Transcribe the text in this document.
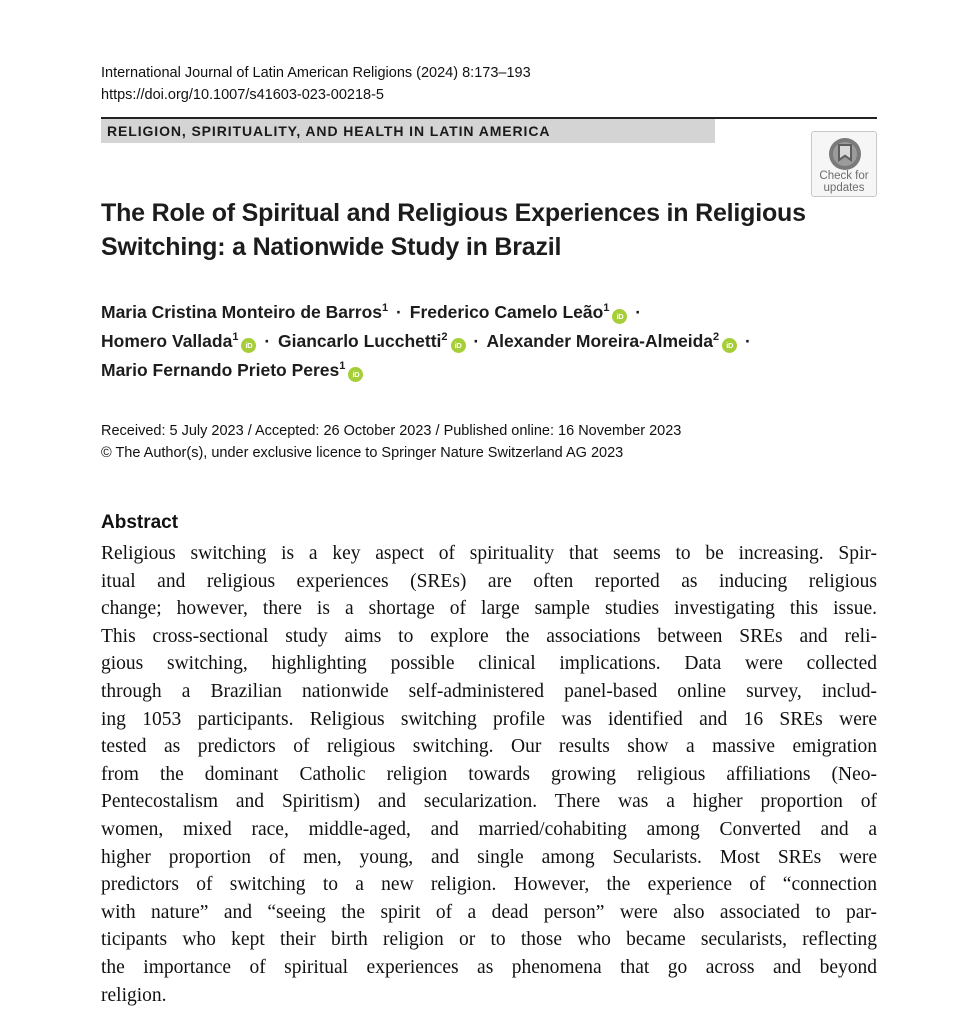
International Journal of Latin American Religions (2024) 8:173–193
https://doi.org/10.1007/s41603-023-00218-5
RELIGION, SPIRITUALITY, AND HEALTH IN LATIN AMERICA
Check for
updates
The Role of Spiritual and Religious Experiences in Religious
Switching: a Nationwide Study in Brazil
Maria Cristina Monteiro de Barros$^1$ · Frederico Camelo Leão$^1$iD ·
Homero Vallada$^1$iD · Giancarlo Lucchetti$^2$iD · Alexander Moreira-Almeida$^2$iD ·
Mario Fernando Prieto Peres$^1$iD
Received: 5 July 2023 / Accepted: 26 October 2023 / Published online: 16 November 2023
© The Author(s), under exclusive licence to Springer Nature Switzerland AG 2023
Abstract
Religious switching is a key aspect of spirituality that seems to be increasing. Spir-
itual and religious experiences (SREs) are often reported as inducing religious
change; however, there is a shortage of large sample studies investigating this issue.
This cross-sectional study aims to explore the associations between SREs and reli-
gious switching, highlighting possible clinical implications. Data were collected
through a Brazilian nationwide self-administered panel-based online survey, includ-
ing 1053 participants. Religious switching profile was identified and 16 SREs were
tested as predictors of religious switching. Our results show a massive emigration
from the dominant Catholic religion towards growing religious affiliations (Neo-
Pentecostalism and Spiritism) and secularization. There was a higher proportion of
women, mixed race, middle-aged, and married/cohabiting among Converted and a
higher proportion of men, young, and single among Secularists. Most SREs were
predictors of switching to a new religion. However, the experience of “connection
with nature” and “seeing the spirit of a dead person” were also associated to par-
ticipants who kept their birth religion or to those who became secularists, reflecting
the importance of spiritual experiences as phenomena that go across and beyond
religion.
